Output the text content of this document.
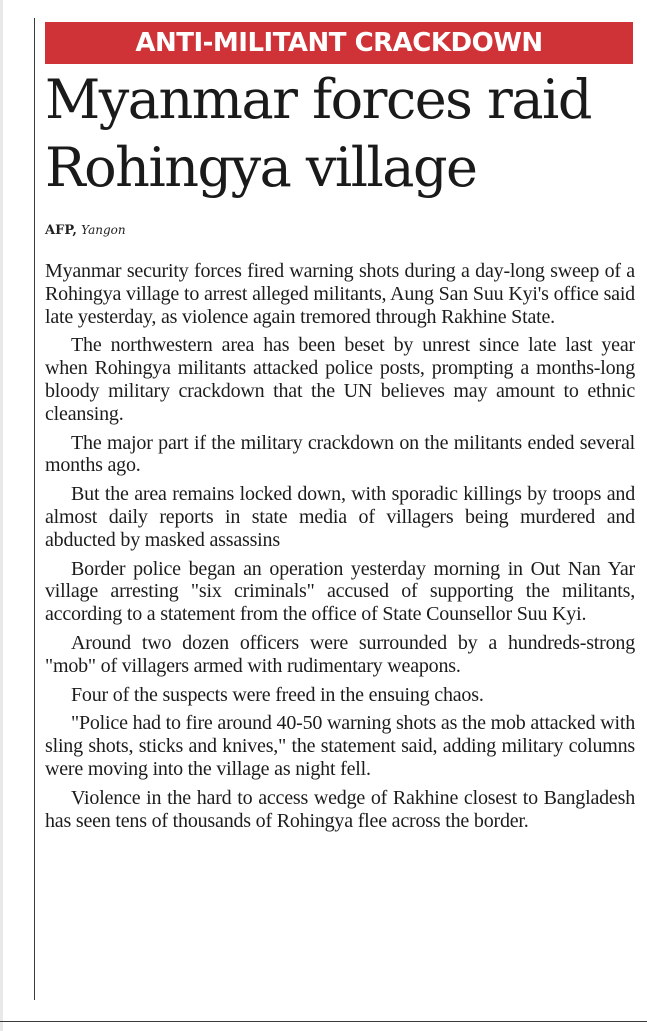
ANTI-MILITANT CRACKDOWN
Myanmar forces raid
Rohingya village
AFP, Yangon

Myanmar security forces fired warning shots during a day-long sweep of a Rohingya village to arrest alleged militants, Aung San Suu Kyi's office said late yesterday, as violence again tremored through Rakhine State.

The northwestern area has been beset by unrest since late last year when Rohingya militants attacked police posts, prompting a months-long bloody military crackdown that the UN believes may amount to ethnic cleansing.

The major part if the military crackdown on the militants ended several months ago.

But the area remains locked down, with sporadic killings by troops and almost daily reports in state media of villagers being murdered and abducted by masked assassins

Border police began an operation yesterday morning in Out Nan Yar village arresting "six criminals" accused of supporting the militants, according to a statement from the office of State Counsellor Suu Kyi.

Around two dozen officers were surrounded by a hundreds-strong "mob" of villagers armed with rudimentary weapons.

Four of the suspects were freed in the ensuing chaos.

"Police had to fire around 40-50 warning shots as the mob attacked with sling shots, sticks and knives," the statement said, adding military columns were moving into the village as night fell.

Violence in the hard to access wedge of Rakhine closest to Bangladesh has seen tens of thousands of Rohingya flee across the border.
